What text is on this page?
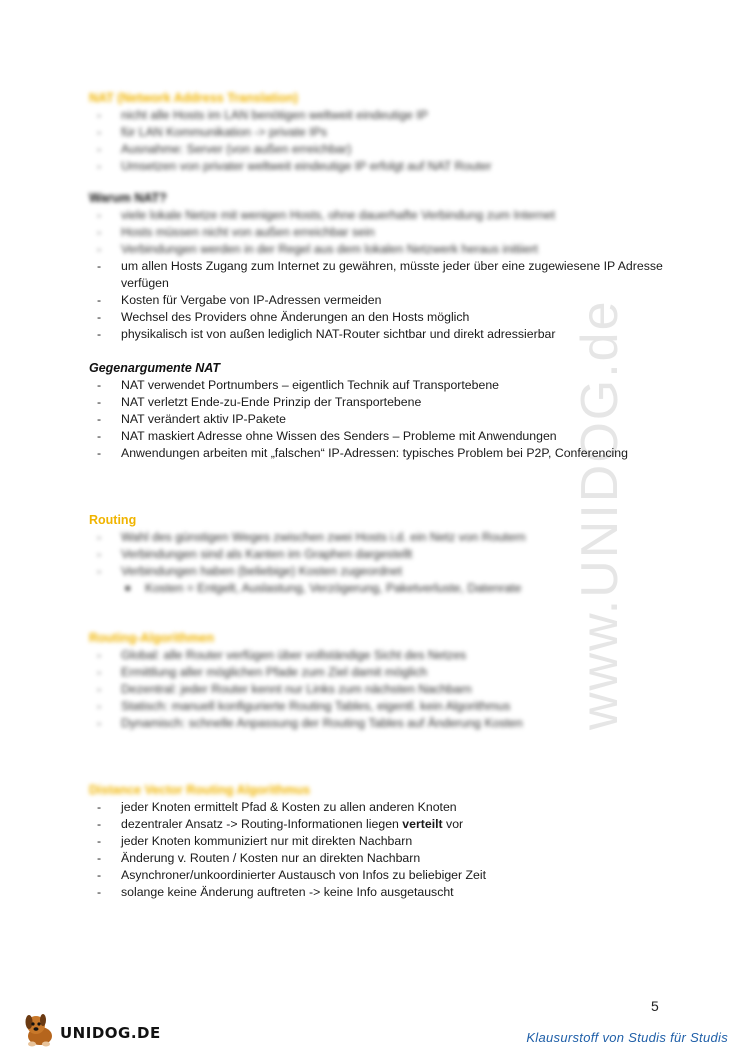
www.UNIDOG.de

NAT (Network Address Translation)

- nicht alle Hosts im LAN benötigen weltweit eindeutige IP
- für LAN Kommunikation -> private IPs
- Ausnahme: Server (von außen erreichbar)
- Umsetzen von privater weltweit eindeutige IP erfolgt auf NAT Router

Warum NAT?

- viele lokale Netze mit wenigen Hosts, ohne dauerhafte Verbindung zum Internet
- Hosts müssen nicht von außen erreichbar sein
- Verbindungen werden in der Regel aus dem lokalen Netzwerk heraus initiiert
- um allen Hosts Zugang zum Internet zu gewähren, müsste jeder über eine zugewiesene IP Adresse verfügen
- Kosten für Vergabe von IP-Adressen vermeiden
- Wechsel des Providers ohne Änderungen an den Hosts möglich
- physikalisch ist von außen lediglich NAT-Router sichtbar und direkt adressierbar

Gegenargumente NAT

- NAT verwendet Portnumbers – eigentlich Technik auf Transportebene
- NAT verletzt Ende-zu-Ende Prinzip der Transportebene
- NAT verändert aktiv IP-Pakete
- NAT maskiert Adresse ohne Wissen des Senders – Probleme mit Anwendungen
- Anwendungen arbeiten mit „falschen“ IP-Adressen: typisches Problem bei P2P, Conferencing

Routing

- Wahl des günstigen Weges zwischen zwei Hosts i.d. ein Netz von Routern
- Verbindungen sind als Kanten im Graphen dargestellt
- Verbindungen haben (beliebige) Kosten zugeordnet
■ Kosten = Entgelt, Auslastung, Verzögerung, Paketverluste, Datenrate

Routing-Algorithmen

- Global: alle Router verfügen über vollständige Sicht des Netzes
- Ermittlung aller möglichen Pfade zum Ziel damit möglich
- Dezentral: jeder Router kennt nur Links zum nächsten Nachbarn
- Statisch: manuell konfigurierte Routing Tables, eigentl. kein Algorithmus
- Dynamisch: schnelle Anpassung der Routing Tables auf Änderung Kosten

Distance Vector Routing Algorithmus

- jeder Knoten ermittelt Pfad & Kosten zu allen anderen Knoten
- dezentraler Ansatz -> Routing-Informationen liegen verteilt vor
- jeder Knoten kommuniziert nur mit direkten Nachbarn
- Änderung v. Routen / Kosten nur an direkten Nachbarn
- Asynchroner/unkoordinierter Austausch von Infos zu beliebiger Zeit
- solange keine Änderung auftreten -> keine Info ausgetauscht
5
UNIDOG.DE	Klausurstoff von Studis für Studis
